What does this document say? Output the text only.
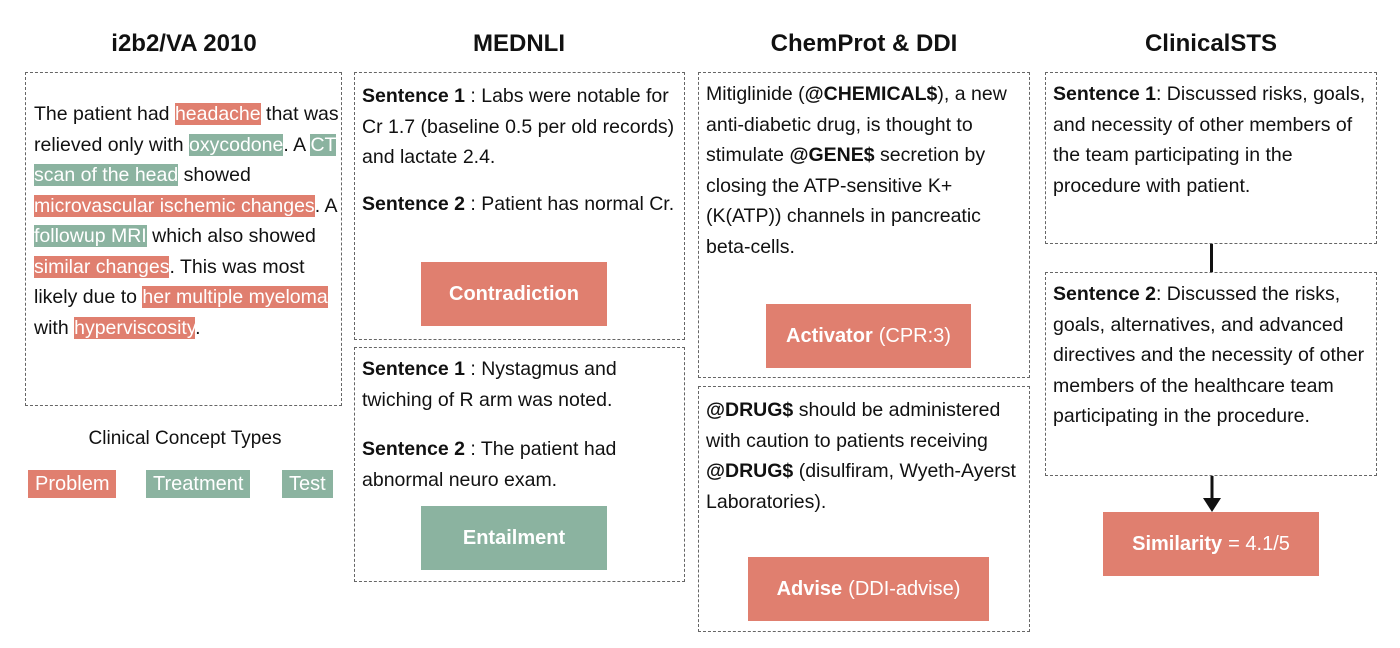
i2b2/VA 2010	MEDNLI	ChemProt & DDI	ClinicalSTS
The patient had headache that was relieved only with oxycodone. A CT scan of the head showed microvascular ischemic changes. A followup MRI which also showed similar changes. This was most likely due to her multiple myeloma with hyperviscosity.
Clinical Concept Types
Problem	Treatment	Test
Sentence 1 : Labs were notable for Cr 1.7 (baseline 0.5 per old records) and lactate 2.4.
Sentence 2 : Patient has normal Cr.
Contradiction
Sentence 1 : Nystagmus and twiching of R arm was noted.
Sentence 2 : The patient had abnormal neuro exam.
Entailment
Mitiglinide (@CHEMICAL$), a new anti-diabetic drug, is thought to stimulate @GENE$ secretion by closing the ATP-sensitive K+ (K(ATP)) channels in pancreatic beta-cells.
Activator (CPR:3)
@DRUG$ should be administered with caution to patients receiving @DRUG$ (disulfiram, Wyeth-Ayerst Laboratories).
Advise (DDI-advise)
Sentence 1: Discussed risks, goals, and necessity of other members of the team participating in the procedure with patient.
Sentence 2: Discussed the risks, goals, alternatives, and advanced directives and the necessity of other members of the healthcare team participating in the procedure.
Similarity = 4.1/5
